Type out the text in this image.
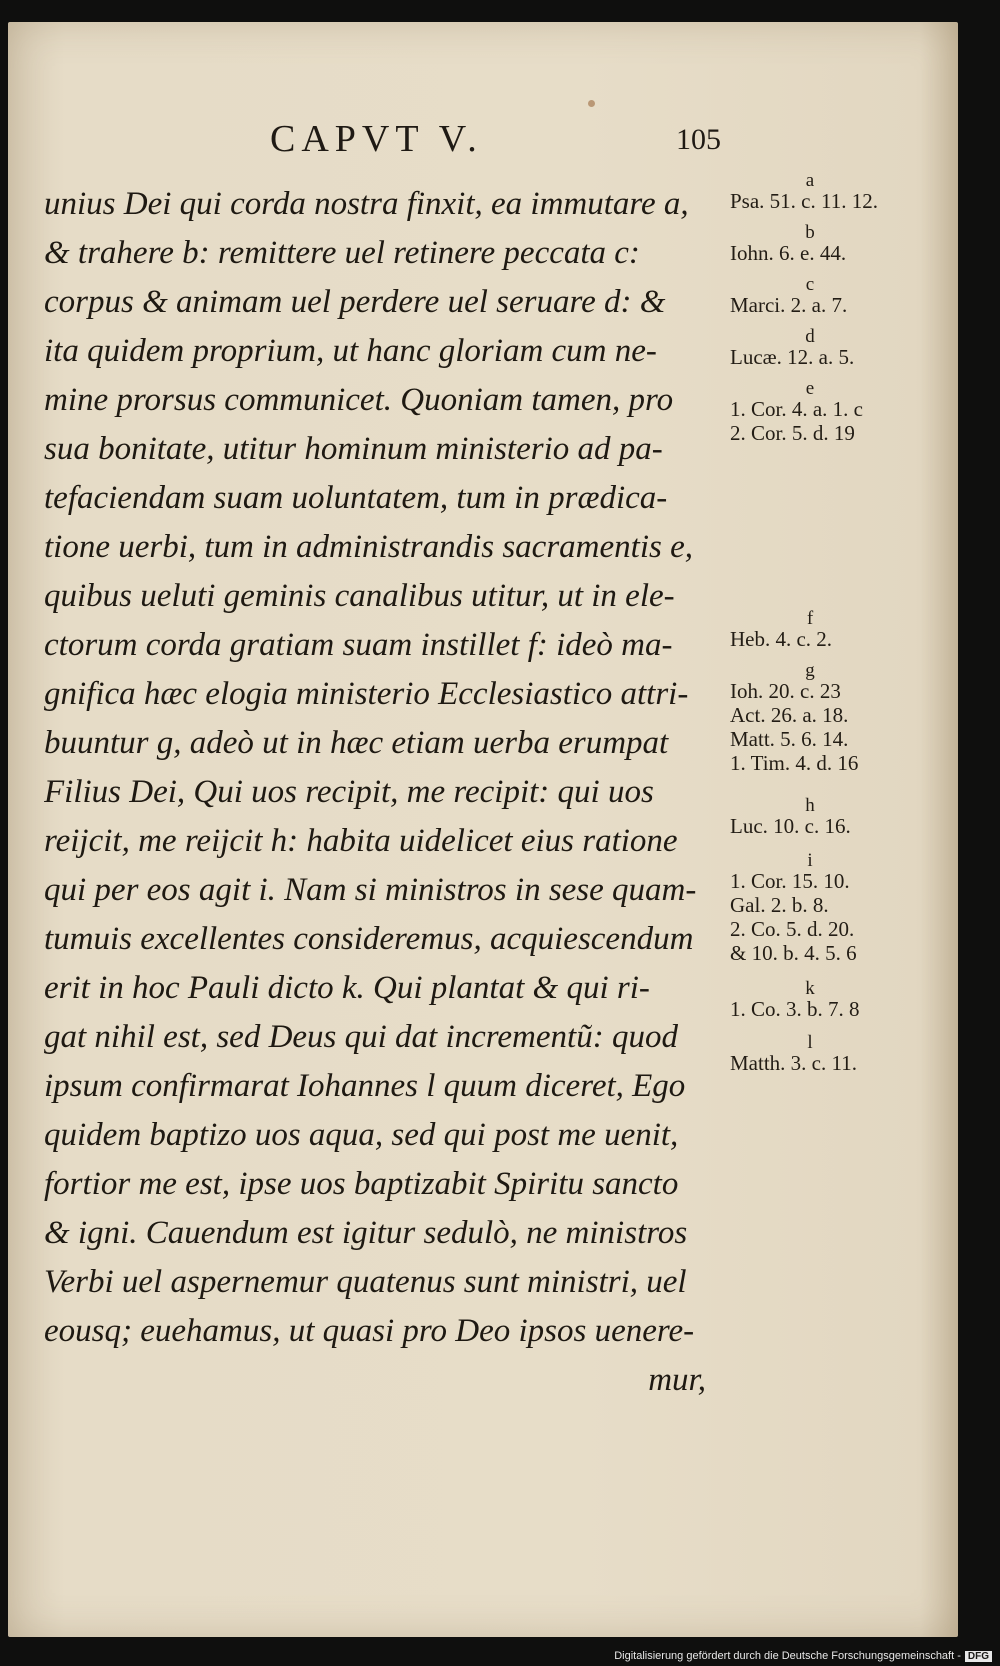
CAPVT V.	105
unius Dei qui corda nostra finxit, ea immutare a,
& trahere b: remittere uel retinere peccata c:
corpus & animam uel perdere uel seruare d: &
ita quidem proprium, ut hanc gloriam cum ne-
mine prorsus communicet. Quoniam tamen, pro
sua bonitate, utitur hominum ministerio ad pa-
tefaciendam suam uoluntatem, tum in prædica-
tione uerbi, tum in administrandis sacramentis e,
quibus ueluti geminis canalibus utitur, ut in ele-
ctorum corda gratiam suam instillet f: ideò ma-
gnifica hæc elogia ministerio Ecclesiastico attri-
buuntur g, adeò ut in hæc etiam uerba erumpat
Filius Dei, Qui uos recipit, me recipit: qui uos
reijcit, me reijcit h: habita uidelicet eius ratione
qui per eos agit i. Nam si ministros in sese quam-
tumuis excellentes consideremus, acquiescendum
erit in hoc Pauli dicto k. Qui plantat & qui ri-
gat nihil est, sed Deus qui dat incrementũ: quod
ipsum confirmarat Iohannes l quum diceret, Ego
quidem baptizo uos aqua, sed qui post me uenit,
fortior me est, ipse uos baptizabit Spiritu sancto
& igni. Cauendum est igitur sedulò, ne ministros
Verbi uel aspernemur quatenus sunt ministri, uel
eousq; euehamus, ut quasi pro Deo ipsos uenere-
mur,
a
Psa. 51. c. 11. 12.
b
Iohn. 6. e. 44.
c
Marci. 2. a. 7.
d
Lucæ. 12. a. 5.
e
1. Cor. 4. a. 1. c
2. Cor. 5. d. 19
f
Heb. 4. c. 2.
g
Ioh. 20. c. 23
Act. 26. a. 18.
Matt. 5. 6. 14.
1. Tim. 4. d. 16
h
Luc. 10. c. 16.
i
1. Cor. 15. 10.
Gal. 2. b. 8.
2. Co. 5. d. 20.
& 10. b. 4. 5. 6
k
1. Co. 3. b. 7. 8
l
Matth. 3. c. 11.
Digitalisierung gefördert durch die Deutsche Forschungsgemeinschaft - DFG
